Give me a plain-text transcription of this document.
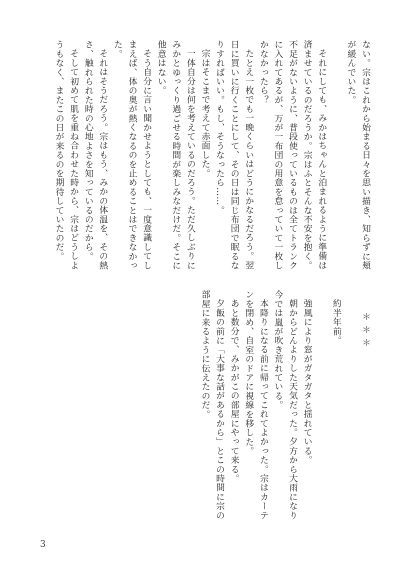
ない。宗はこれから始まる日々を思い描き、知らずに頬が緩んでいた。

それにしても、みかはちゃんと泊まれるように準備は済ませているのだろうか。宗はふとそんな不安を抱く。不足がないように、普段使っているものは全てトランクに入れてあるが、万が一布団の用意を怠っていて一枚しかなかったら？

たとえ一枚でも一晩くらいはどうにかなるだろう。翌日に買いに行くことにして、その日は同じ布団で眠るなりすればいい。もし、そうなったら……。

宗はそこまで考えて赤面した。

一体自分は何を考えているのだろう。ただ久しぶりにみかとゆっくり過ごせる時間が楽しみなだけだ。そこに他意はない。

そう自分に言い聞かせようとしても、一度意識してしまえば、体の奥が熱くなるのを止めることはできなかった。

それはそうだろう。宗はもう、みかの体温を、その熱さ、触れられた時の心地よさを知っているのだから。

そして初めて肌を重ね合わせた時から、宗はどうしようもなく、またこの日が来るのを期待していたのだ。

＊＊＊

約半年前。

強風により窓がガタガタと揺れている。

朝からどんよりした天気だった。夕方から大雨になり今では嵐が吹き荒れている。

本降りになる前に帰ってこれてよかった。宗はカーテンを閉め、自室のドアに視線を移した。

あと数分で、みかがこの部屋にやって来る。

夕飯の前に「大事な話があるから」とこの時間に宗の部屋に来るように伝えたのだ。

3
